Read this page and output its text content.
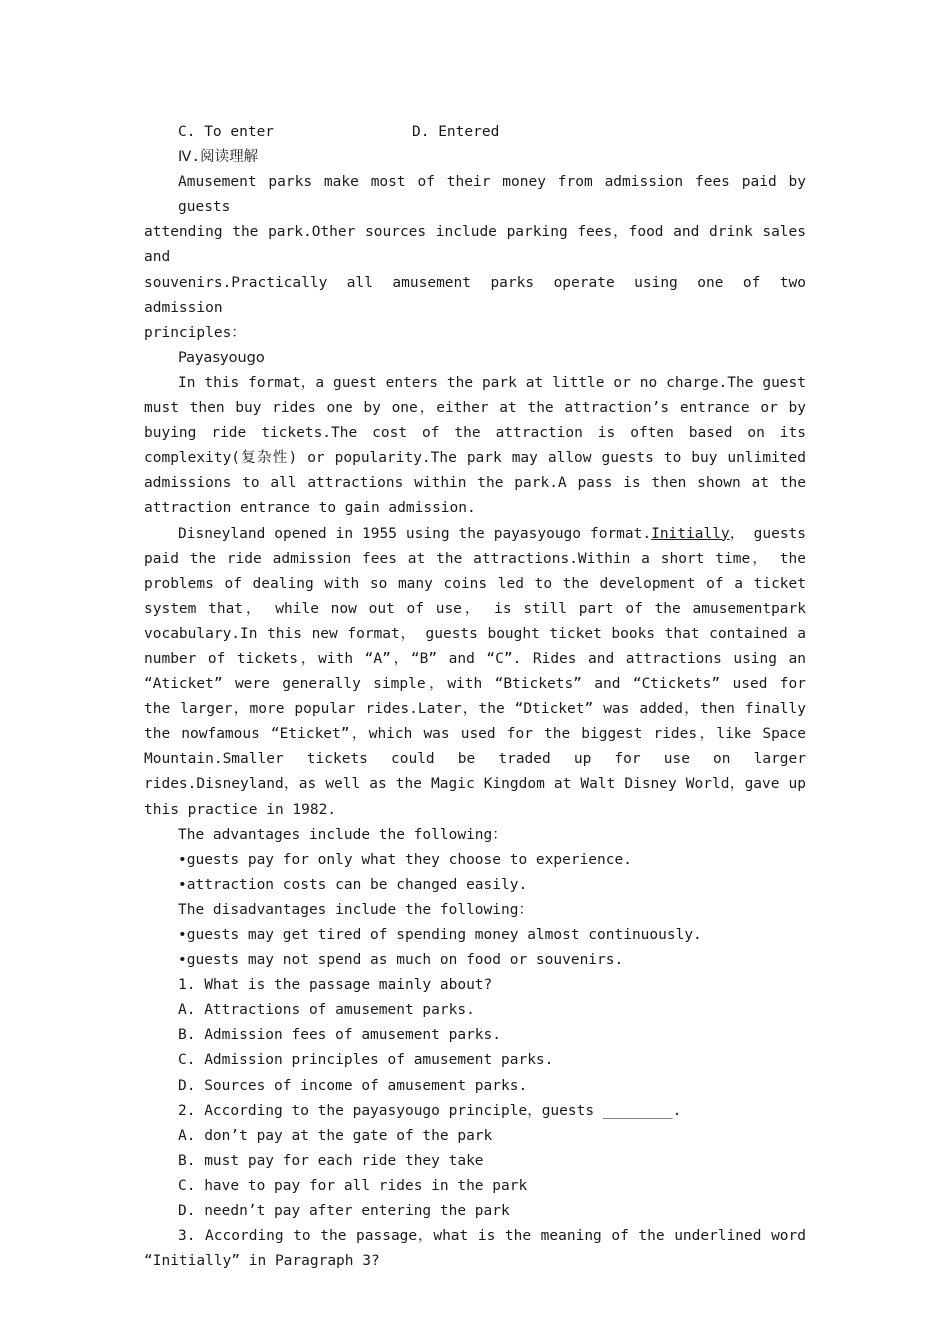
C. To enter	D. Entered
Ⅳ.阅读理解
Amusement parks make most of their money from admission fees paid by guests
attending the park.Other sources include parking fees，food and drink sales and
souvenirs.Practically all amusement parks operate using one of two admission
principles：
Payasyougo
In this format，a guest enters the park at little or no charge.The guest
must then buy rides one by one，either at the attraction’s entrance or by
buying ride tickets.The cost of the attraction is often based on its
complexity(复杂性) or popularity.The park may allow guests to buy unlimited
admissions to all attractions within the park.A pass is then shown at the
attraction entrance to gain admission.
Disneyland opened in 1955 using the payasyougo format.Initially， guests
paid the ride admission fees at the attractions.Within a short time， the
problems of dealing with so many coins led to the development of a ticket
system that， while now out of use， is still part of the amusementpark
vocabulary.In this new format， guests bought ticket books that contained a
number of tickets，with “A”，“B” and “C”. Rides and attractions using an
“Aticket” were generally simple，with “Btickets” and “Ctickets” used for
the larger，more popular rides.Later，the “Dticket” was added，then finally
the nowfamous “Eticket”，which was used for the biggest rides，like Space
Mountain.Smaller tickets could be traded up for use on larger
rides.Disneyland，as well as the Magic Kingdom at Walt Disney World，gave up
this practice in 1982.
The advantages include the following：
•guests pay for only what they choose to experience.
•attraction costs can be changed easily.
The disadvantages include the following：
•guests may get tired of spending money almost continuously.
•guests may not spend as much on food or souvenirs.
1. What is the passage mainly about?
A. Attractions of amusement parks.
B. Admission fees of amusement parks.
C. Admission principles of amusement parks.
D. Sources of income of amusement parks.
2. According to the payasyougo principle，guests ________.
A. don’t pay at the gate of the park
B. must pay for each ride they take
C. have to pay for all rides in the park
D. needn’t pay after entering the park
3. According to the passage，what is the meaning of the underlined word
“Initially” in Paragraph 3?
